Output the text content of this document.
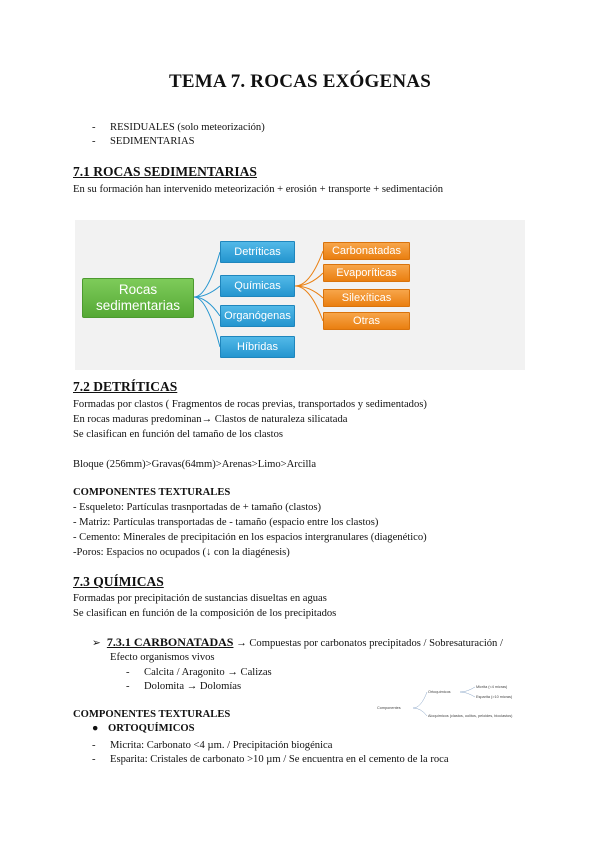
TEMA 7. ROCAS EXÓGENAS
- RESIDUALES (solo meteorización)
- SEDIMENTARIAS
7.1 ROCAS SEDIMENTARIAS
En su formación han intervenido meteorización + erosión + transporte + sedimentación
Rocas sedimentarias
Detríticas
Químicas
Organógenas
Híbridas
Carbonatadas
Evaporíticas
Silexíticas
Otras
7.2 DETRÍTICAS
Formadas por clastos ( Fragmentos de rocas previas, transportados y sedimentados)
En rocas maduras predominan→ Clastos de naturaleza silicatada
Se clasifican en función del tamaño de los clastos
Bloque (256mm)>Gravas(64mm)>Arenas>Limo>Arcilla
COMPONENTES TEXTURALES
- Esqueleto: Partículas trasnportadas de + tamaño (clastos)
- Matriz: Partículas transportadas de - tamaño (espacio entre los clastos)
- Cemento: Minerales de precipitación en los espacios intergranulares (diagenético)
-Poros: Espacios no ocupados (↓ con la diagénesis)
7.3 QUÍMICAS
Formadas por precipitación de sustancias disueltas en aguas
Se clasifican en función de la composición de los precipitados
➢ 7.3.1 CARBONATADAS → Compuestas por carbonatos precipitados / Sobresaturación /
Efecto organismos vivos
- Calcita / Aragonito → Calizas
- Dolomita → Dolomías
Componentes
Ortoquímicos
Micrita (<4 micras)
Esparita (>10 micras)
Aloquímicos (clastos, oolitos, peloides, bioclastos)
COMPONENTES TEXTURALES
● ORTOQUÍMICOS
- Micrita: Carbonato <4 µm. / Precipitación biogénica
- Esparita: Cristales de carbonato >10 µm / Se encuentra en el cemento de la roca
